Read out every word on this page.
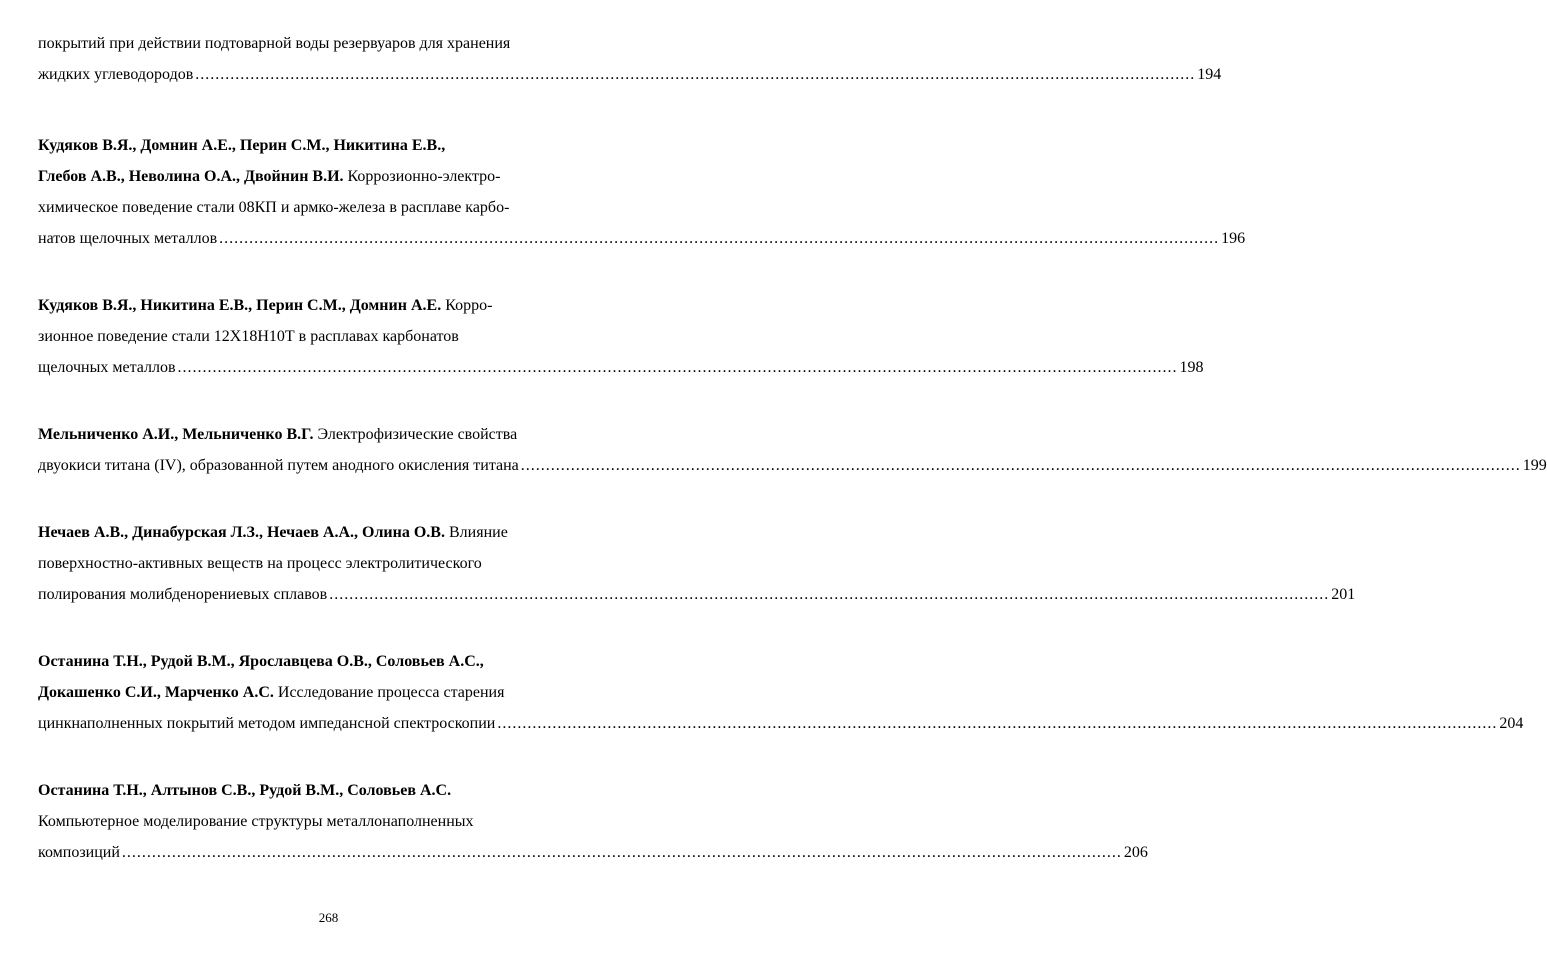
покрытий при действии подтоварной воды резервуаров для хранения
жидких углеводородов ........................................................................................................................................................................................................ 194
Кудяков В.Я., Домнин А.Е., Перин С.М., Никитина Е.В.,
Глебов А.В., Неволина О.А., Двойнин В.И. Коррозионно-электро-
химическое поведение стали 08КП и армко-железа в расплаве карбо-
натов щелочных металлов ........................................................................................................................................................................................................ 196
Кудяков В.Я., Никитина Е.В., Перин С.М., Домнин А.Е. Корро-
зионное поведение стали 12Х18Н10Т в расплавах карбонатов
щелочных металлов ........................................................................................................................................................................................................ 198
Мельниченко А.И., Мельниченко В.Г. Электрофизические свойства
двуокиси титана (IV), образованной путем анодного окисления титана ........................................................................................................................................................................................................ 199
Нечаев А.В., Динабурская Л.З., Нечаев А.А., Олина О.В. Влияние
поверхностно-активных веществ на процесс электролитического
полирования молибденорениевых сплавов ........................................................................................................................................................................................................ 201
Останина Т.Н., Рудой В.М., Ярославцева О.В., Соловьев А.С.,
Докашенко С.И., Марченко А.С. Исследование процесса старения
цинкнаполненных покрытий методом импедансной спектроскопии ........................................................................................................................................................................................................ 204
Останина Т.Н., Алтынов С.В., Рудой В.М., Соловьев А.С.
Компьютерное моделирование структуры металлонаполненных
композиций ........................................................................................................................................................................................................ 206
268
